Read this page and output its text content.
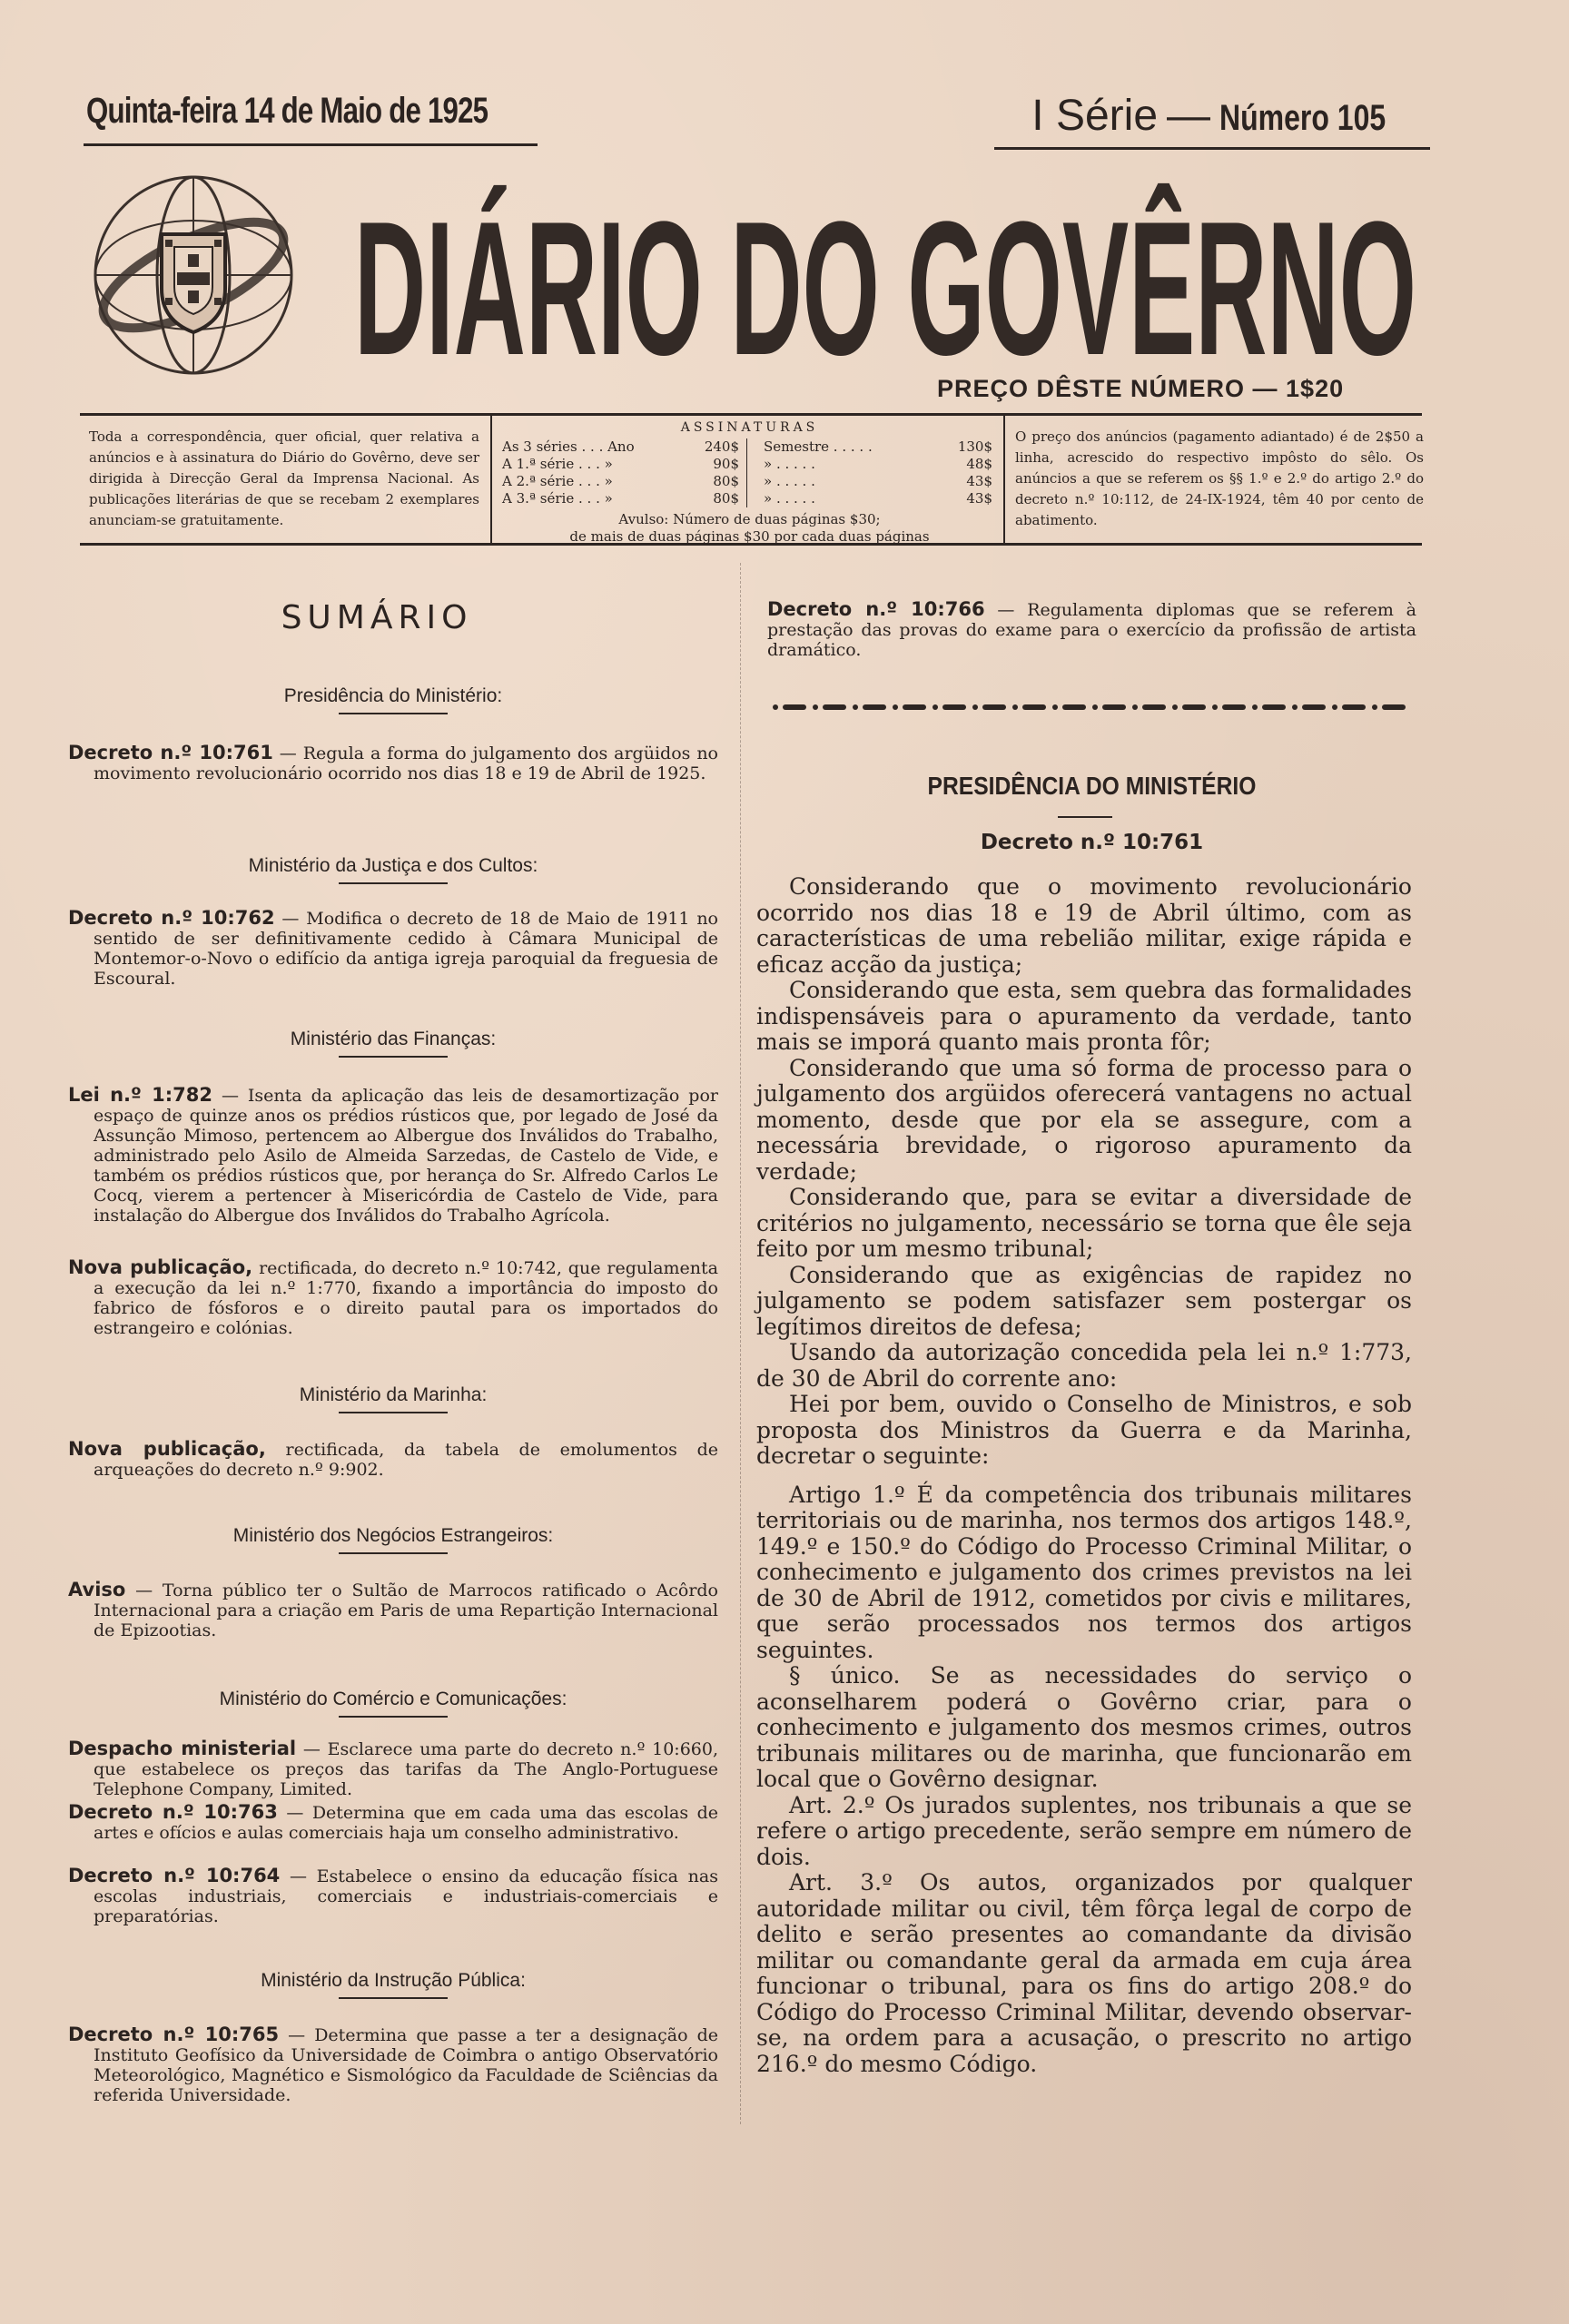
Quinta-feira 14 de Maio de 1925	I Série — Número 105
DIÁRIO DO GOVÊRNO
PREÇO DÊSTE NÚMERO — 1$20
Toda a correspondência, quer oficial, quer relativa a anúncios e à assinatura do Diário do Govêrno, deve ser dirigida à Direcção Geral da Imprensa Nacional. As publicações literárias de que se recebam 2 exemplares anunciam-se gratuitamente.
ASSINATURAS
As 3 séries . . . Ano	240$
A 1.ª série . . . »	90$
A 2.ª série . . . »	80$
A 3.ª série . . . »	80$
Semestre . . . . .	130$
» . . . . .	48$
» . . . . .	43$
» . . . . .	43$
Avulso: Número de duas páginas $30;
de mais de duas páginas $30 por cada duas páginas
O preço dos anúncios (pagamento adiantado) é de 2$50 a linha, acrescido do respectivo impôsto do sêlo. Os anúncios a que se referem os §§ 1.º e 2.º do artigo 2.º do decreto n.º 10:112, de 24-IX-1924, têm 40 por cento de abatimento.
SUMÁRIO
Presidência do Ministério:

Decreto n.º 10:761 — Regula a forma do julgamento dos argüidos no movimento revolucionário ocorrido nos dias 18 e 19 de Abril de 1925.

Ministério da Justiça e dos Cultos:

Decreto n.º 10:762 — Modifica o decreto de 18 de Maio de 1911 no sentido de ser definitivamente cedido à Câmara Municipal de Montemor-o-Novo o edifício da antiga igreja paroquial da freguesia de Escoural.

Ministério das Finanças:

Lei n.º 1:782 — Isenta da aplicação das leis de desamortização por espaço de quinze anos os prédios rústicos que, por legado de José da Assunção Mimoso, pertencem ao Albergue dos Inválidos do Trabalho, administrado pelo Asilo de Almeida Sarzedas, de Castelo de Vide, e também os prédios rústicos que, por herança do Sr. Alfredo Carlos Le Cocq, vierem a pertencer à Misericórdia de Castelo de Vide, para instalação do Albergue dos Inválidos do Trabalho Agrícola.

Nova publicação, rectificada, do decreto n.º 10:742, que regulamenta a execução da lei n.º 1:770, fixando a importância do imposto do fabrico de fósforos e o direito pautal para os importados do estrangeiro e colónias.

Ministério da Marinha:

Nova publicação, rectificada, da tabela de emolumentos de arqueações do decreto n.º 9:902.

Ministério dos Negócios Estrangeiros:

Aviso — Torna público ter o Sultão de Marrocos ratificado o Acôrdo Internacional para a criação em Paris de uma Repartição Internacional de Epizootias.

Ministério do Comércio e Comunicações:

Despacho ministerial — Esclarece uma parte do decreto n.º 10:660, que estabelece os preços das tarifas da The Anglo-Portuguese Telephone Company, Limited.

Decreto n.º 10:763 — Determina que em cada uma das escolas de artes e ofícios e aulas comerciais haja um conselho administrativo.

Decreto n.º 10:764 — Estabelece o ensino da educação física nas escolas industriais, comerciais e industriais-comerciais e preparatórias.

Ministério da Instrução Pública:

Decreto n.º 10:765 — Determina que passe a ter a designação de Instituto Geofísico da Universidade de Coimbra o antigo Observatório Meteorológico, Magnético e Sismológico da Faculdade de Sciências da referida Universidade.

Decreto n.º 10:766 — Regulamenta diplomas que se referem à prestação das provas do exame para o exercício da profissão de artista dramático.
PRESIDÊNCIA DO MINISTÉRIO
Decreto n.º 10:761

Considerando que o movimento revolucionário ocorrido nos dias 18 e 19 de Abril último, com as características de uma rebelião militar, exige rápida e eficaz acção da justiça;

Considerando que esta, sem quebra das formalidades indispensáveis para o apuramento da verdade, tanto mais se imporá quanto mais pronta fôr;

Considerando que uma só forma de processo para o julgamento dos argüidos oferecerá vantagens no actual momento, desde que por ela se assegure, com a necessária brevidade, o rigoroso apuramento da verdade;

Considerando que, para se evitar a diversidade de critérios no julgamento, necessário se torna que êle seja feito por um mesmo tribunal;

Considerando que as exigências de rapidez no julgamento se podem satisfazer sem postergar os legítimos direitos de defesa;

Usando da autorização concedida pela lei n.º 1:773, de 30 de Abril do corrente ano:

Hei por bem, ouvido o Conselho de Ministros, e sob proposta dos Ministros da Guerra e da Marinha, decretar o seguinte:

Artigo 1.º É da competência dos tribunais militares territoriais ou de marinha, nos termos dos artigos 148.º, 149.º e 150.º do Código do Processo Criminal Militar, o conhecimento e julgamento dos crimes previstos na lei de 30 de Abril de 1912, cometidos por civis e militares, que serão processados nos termos dos artigos seguintes.

§ único. Se as necessidades do serviço o aconselharem poderá o Govêrno criar, para o conhecimento e julgamento dos mesmos crimes, outros tribunais militares ou de marinha, que funcionarão em local que o Govêrno designar.

Art. 2.º Os jurados suplentes, nos tribunais a que se refere o artigo precedente, serão sempre em número de dois.

Art. 3.º Os autos, organizados por qualquer autoridade militar ou civil, têm fôrça legal de corpo de delito e serão presentes ao comandante da divisão militar ou comandante geral da armada em cuja área funcionar o tribunal, para os fins do artigo 208.º do Código do Processo Criminal Militar, devendo observar-se, na ordem para a acusação, o prescrito no artigo 216.º do mesmo Código.
